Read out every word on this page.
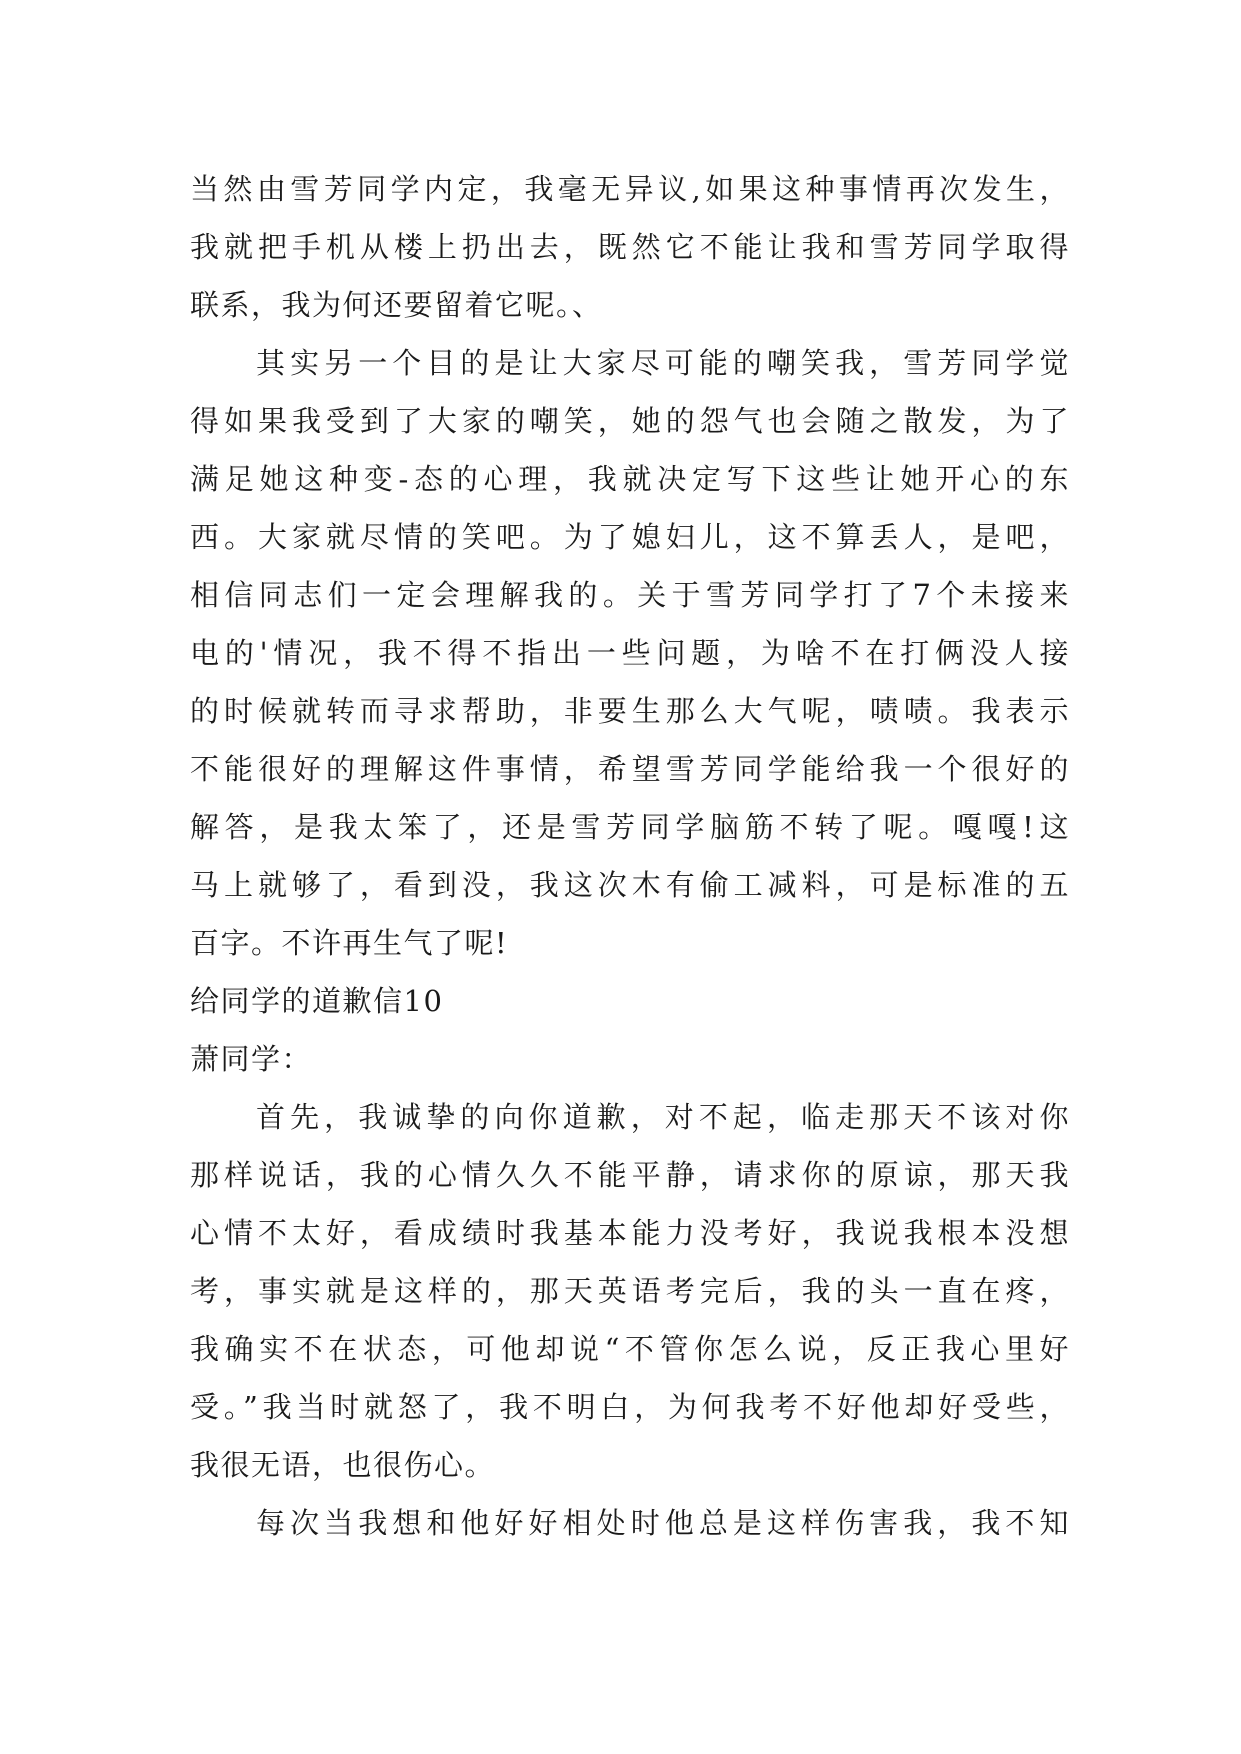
当然由雪芳同学内定，我毫无异议,如果这种事情再次发生，
我就把手机从楼上扔出去，既然它不能让我和雪芳同学取得
联系，我为何还要留着它呢。、
其实另一个目的是让大家尽可能的嘲笑我，雪芳同学觉
得如果我受到了大家的嘲笑，她的怨气也会随之散发，为了
满足她这种变-态的心理，我就决定写下这些让她开心的东
西。大家就尽情的笑吧。为了媳妇儿，这不算丢人，是吧，
相信同志们一定会理解我的。关于雪芳同学打了7个未接来
电的'情况，我不得不指出一些问题，为啥不在打俩没人接
的时候就转而寻求帮助，非要生那么大气呢，啧啧。我表示
不能很好的理解这件事情，希望雪芳同学能给我一个很好的
解答，是我太笨了，还是雪芳同学脑筋不转了呢。嘎嘎!这
马上就够了，看到没，我这次木有偷工减料，可是标准的五
百字。不许再生气了呢!
给同学的道歉信10
萧同学：
首先，我诚挚的向你道歉，对不起，临走那天不该对你
那样说话，我的心情久久不能平静，请求你的原谅，那天我
心情不太好，看成绩时我基本能力没考好，我说我根本没想
考，事实就是这样的，那天英语考完后，我的头一直在疼，
我确实不在状态，可他却说“不管你怎么说，反正我心里好
受。”我当时就怒了，我不明白，为何我考不好他却好受些，
我很无语，也很伤心。
每次当我想和他好好相处时他总是这样伤害我，我不知
